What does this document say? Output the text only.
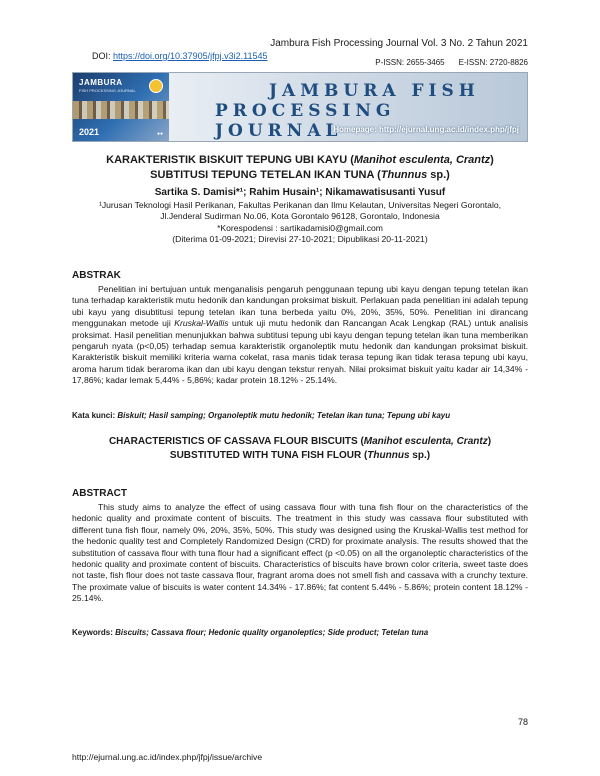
Jambura Fish Processing Journal Vol. 3 No. 2 Tahun 2021
DOI: https://doi.org/10.37905/jfpj.v3i2.11545
P-ISSN: 2655-3465 E-ISSN: 2720-8826
JAMBURA
FISH PROCESSING JOURNAL
2021	●●
JAMBURA FISH
PROCESSING JOURNAL
Homepage: http://ejurnal.ung.ac.id/index.php/jfpj
KARAKTERISTIK BISKUIT TEPUNG UBI KAYU (Manihot esculenta, Crantz)
SUBTITUSI TEPUNG TETELAN IKAN TUNA (Thunnus sp.)
Sartika S. Damisi*¹; Rahim Husain¹; Nikamawatisusanti Yusuf
¹Jurusan Teknologi Hasil Perikanan, Fakultas Perikanan dan Ilmu Kelautan, Universitas Negeri Gorontalo,
Jl.Jenderal Sudirman No.06, Kota Gorontalo 96128, Gorontalo, Indonesia
*Korespodensi : sartikadamisi0@gmail.com
(Diterima 01-09-2021; Direvisi 27-10-2021; Dipublikasi 20-11-2021)
ABSTRAK
Penelitian ini bertujuan untuk menganalisis pengaruh penggunaan tepung ubi kayu dengan tepung tetelan ikan tuna terhadap karakteristik mutu hedonik dan kandungan proksimat biskuit. Perlakuan pada penelitian ini adalah tepung ubi kayu yang disubtitusi tepung tetelan ikan tuna berbeda yaitu 0%, 20%, 35%, 50%. Penelitian ini dirancang menggunakan metode uji Kruskal-Wallis untuk uji mutu hedonik dan Rancangan Acak Lengkap (RAL) untuk analisis proksimat. Hasil penelitian menunjukkan bahwa subtitusi tepung ubi kayu dengan tepung tetelan ikan tuna memberikan pengaruh nyata (p<0,05) terhadap semua karakteristik organoleptik mutu hedonik dan kandungan proksimat biskuit. Karakteristik biskuit memiliki kriteria warna cokelat, rasa manis tidak terasa tepung ikan tidak terasa tepung ubi kayu, aroma harum tidak beraroma ikan dan ubi kayu dengan tekstur renyah. Nilai proksimat biskuit yaitu kadar air 14,34% - 17,86%; kadar lemak 5,44% - 5,86%; kadar protein 18.12% - 25.14%.
Kata kunci: Biskuit; Hasil samping; Organoleptik mutu hedonik; Tetelan ikan tuna; Tepung ubi kayu
CHARACTERISTICS OF CASSAVA FLOUR BISCUITS (Manihot esculenta, Crantz)
SUBSTITUTED WITH TUNA FISH FLOUR (Thunnus sp.)
ABSTRACT
This study aims to analyze the effect of using cassava flour with tuna fish flour on the characteristics of the hedonic quality and proximate content of biscuits. The treatment in this study was cassava flour substituted with different tuna fish flour, namely 0%, 20%, 35%, 50%. This study was designed using the Kruskal-Wallis test method for the hedonic quality test and Completely Randomized Design (CRD) for proximate analysis. The results showed that the substitution of cassava flour with tuna flour had a significant effect (p <0.05) on all the organoleptic characteristics of the hedonic quality and proximate content of biscuits. Characteristics of biscuits have brown color criteria, sweet taste does not taste, fish flour does not taste cassava flour, fragrant aroma does not smell fish and cassava with a crunchy texture. The proximate value of biscuits is water content 14.34% - 17.86%; fat content 5.44% - 5.86%; protein content 18.12% - 25.14%.
Keywords: Biscuits; Cassava flour; Hedonic quality organoleptics; Side product; Tetelan tuna
78
http://ejurnal.ung.ac.id/index.php/jfpj/issue/archive
